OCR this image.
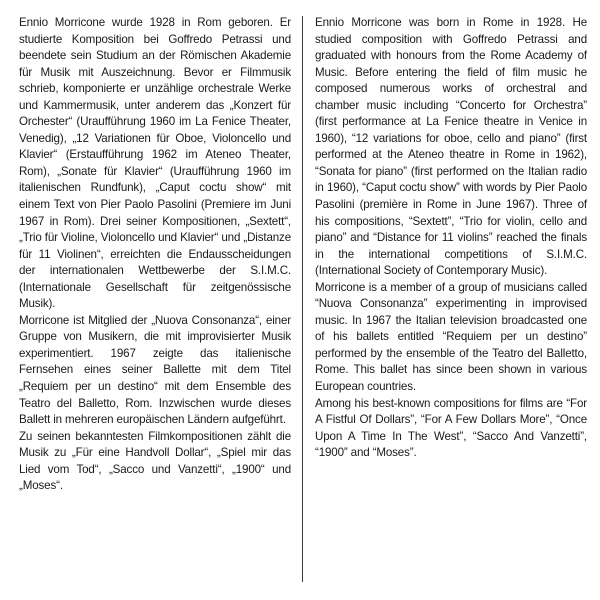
Ennio Morricone wurde 1928 in Rom geboren. Er studierte Komposition bei Goffredo Petrassi und beendete sein Studium an der Römischen Akademie für Musik mit Auszeichnung. Bevor er Filmmusik schrieb, komponierte er unzählige orchestrale Werke und Kammermusik, unter anderem das „Konzert für Orchester“ (Uraufführung 1960 im La Fenice Theater, Venedig), „12 Variationen für Oboe, Violoncello und Klavier“ (Erstaufführung 1962 im Ateneo Theater, Rom), „Sonate für Klavier“ (Uraufführung 1960 im italienischen Rundfunk), „Caput coctu show“ mit einem Text von Pier Paolo Pasolini (Premiere im Juni 1967 in Rom). Drei seiner Kompositionen, „Sextett“, „Trio für Violine, Violoncello und Klavier“ und „Distanze für 11 Violinen“, erreichten die Endausscheidungen der internationalen Wettbewerbe der S.I.M.C. (Internationale Gesellschaft für zeitgenössische Musik).

Morricone ist Mitglied der „Nuova Consonanza“, einer Gruppe von Musikern, die mit improvisierter Musik experimentiert. 1967 zeigte das italienische Fernsehen eines seiner Ballette mit dem Titel „Requiem per un destino“ mit dem Ensemble des Teatro del Balletto, Rom. Inzwischen wurde dieses Ballett in mehreren europäischen Ländern aufgeführt.

Zu seinen bekanntesten Filmkompositionen zählt die Musik zu „Für eine Handvoll Dollar“, „Spiel mir das Lied vom Tod“, „Sacco und Vanzetti“, „1900“ und „Moses“.

Ennio Morricone was born in Rome in 1928. He studied composition with Goffredo Petrassi and graduated with honours from the Rome Academy of Music. Before entering the field of film music he composed numerous works of orchestral and chamber music including “Concerto for Orchestra” (first performance at La Fenice theatre in Venice in 1960), “12 variations for oboe, cello and piano” (first performed at the Ateneo theatre in Rome in 1962), “Sonata for piano” (first performed on the Italian radio in 1960), “Caput coctu show” with words by Pier Paolo Pasolini (première in Rome in June 1967). Three of his compositions, “Sextett”, “Trio for violin, cello and piano” and “Distance for 11 violins” reached the finals in the international competitions of S.I.M.C. (International Society of Contemporary Music).

Morricone is a member of a group of musicians called “Nuova Consonanza” experimenting in improvised music. In 1967 the Italian television broadcasted one of his ballets entitled “Requiem per un destino” performed by the ensemble of the Teatro del Balletto, Rome. This ballet has since been shown in various European countries.

Among his best-known compositions for films are “For A Fistful Of Dollars”, “For A Few Dollars More”, “Once Upon A Time In The West”, “Sacco And Vanzetti”, “1900” and “Moses”.
